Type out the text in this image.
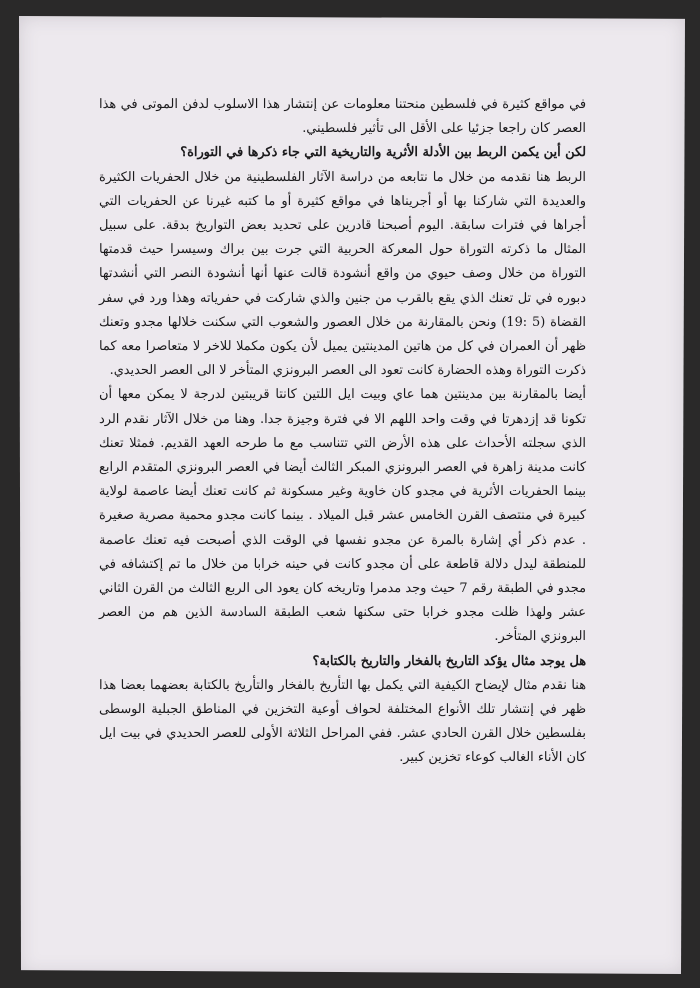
في مواقع كثيرة في فلسطين منحتنا معلومات عن إنتشار هذا الاسلوب لدفن الموتى في هذا العصر كان راجعا جزئيا على الأقل الى تأثير فلسطيني.

لكن أين يكمن الربط بين الأدلة الأثرية والتاريخية التي جاء ذكرها في التوراة؟

الربط هنا نقدمه من خلال ما نتابعه من دراسة الآثار الفلسطينية من خلال الحفريات الكثيرة والعديدة التي شاركنا بها أو أجريناها في مواقع كثيرة أو ما كتبه غيرنا عن الحفريات التي أجراها في فترات سابقة. اليوم أصبحنا قادرين على تحديد بعض التواريخ بدقة. على سبيل المثال ما ذكرته التوراة حول المعركة الحربية التي جرت بين براك وسيسرا حيث قدمتها التوراة من خلال وصف حيوي من واقع أنشودة قالت عنها أنها أنشودة النصر التي أنشدتها دبوره في تل تعنك الذي يقع بالقرب من جنين والذي شاركت في حفرياته وهذا ورد في سفر القضاة (5 :19) ونحن بالمقارنة من خلال العصور والشعوب التي سكنت خلالها مجدو وتعنك ظهر أن العمران في كل من هاتين المدينتين يميل لأن يكون مكملا للاخر لا متعاصرا معه كما ذكرت التوراة وهذه الحضارة كانت تعود الى العصر البرونزي المتأخر لا الى العصر الحديدي.

أيضا بالمقارنة بين مدينتين هما عاي وبيت ايل اللتين كانتا قريبتين لدرجة لا يمكن معها أن تكونا قد إزدهرتا في وقت واحد اللهم الا في فترة وجيزة جدا. وهنا من خلال الآثار نقدم الرد الذي سجلته الأحداث على هذه الأرض التي تتناسب مع ما طرحه العهد القديم. فمثلا تعنك كانت مدينة زاهرة في العصر البرونزي المبكر الثالث أيضا في العصر البرونزي المتقدم الرابع بينما الحفريات الأثرية في مجدو كان خاوية وغير مسكونة ثم كانت تعنك أيضا عاصمة لولاية كبيرة في منتصف القرن الخامس عشر قبل الميلاد . بينما كانت مجدو محمية مصرية صغيرة . عدم ذكر أي إشارة بالمرة عن مجدو نفسها في الوقت الذي أصبحت فيه تعنك عاصمة للمنطقة ليدل دلالة قاطعة على أن مجدو كانت في حينه خرابا من خلال ما تم إكتشافه في مجدو في الطبقة رقم 7 حيث وجد مدمرا وتاريخه كان يعود الى الربع الثالث من القرن الثاني عشر ولهذا ظلت مجدو خرابا حتى سكنها شعب الطبقة السادسة الذين هم من العصر البرونزي المتأخر.

هل يوجد مثال يؤكد التاريخ بالفخار والتاريخ بالكتابة؟

هنا نقدم مثال لإيضاح الكيفية التي يكمل بها التأريخ بالفخار والتأريخ بالكتابة بعضهما بعضا هذا ظهر في إنتشار تلك الأنواع المختلفة لحواف أوعية التخزين في المناطق الجبلية الوسطى بفلسطين خلال القرن الحادي عشر. ففي المراحل الثلاثة الأولى للعصر الحديدي في بيت ايل كان الأناء الغالب كوعاء تخزين كبير.
